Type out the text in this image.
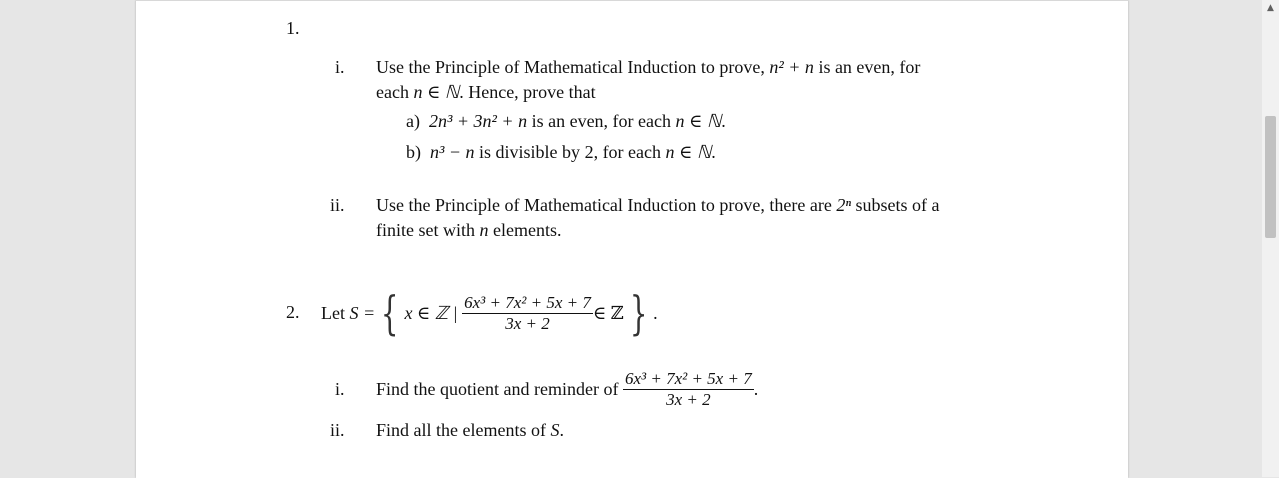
1.
i. Use the Principle of Mathematical Induction to prove, n² + n is an even, for
each n ∈ ℕ. Hence, prove that
a) 2n³ + 3n² + n is an even, for each n ∈ ℕ.
b) n³ − n is divisible by 2, for each n ∈ ℕ.
ii. Use the Principle of Mathematical Induction to prove, there are 2ⁿ subsets of a
finite set with n elements.
2. Let
S = { x ∈ ℤ |
$\frac{\text{6x³ + 7x² + 5x + 7}}{3x + 2}$ ∈ ℤ } .
i. Find the quotient and reminder of
$\frac{\text{6x³ + 7x² + 5x + 7}}{3x + 2}$ .
ii. Find all the elements of S.
▲
